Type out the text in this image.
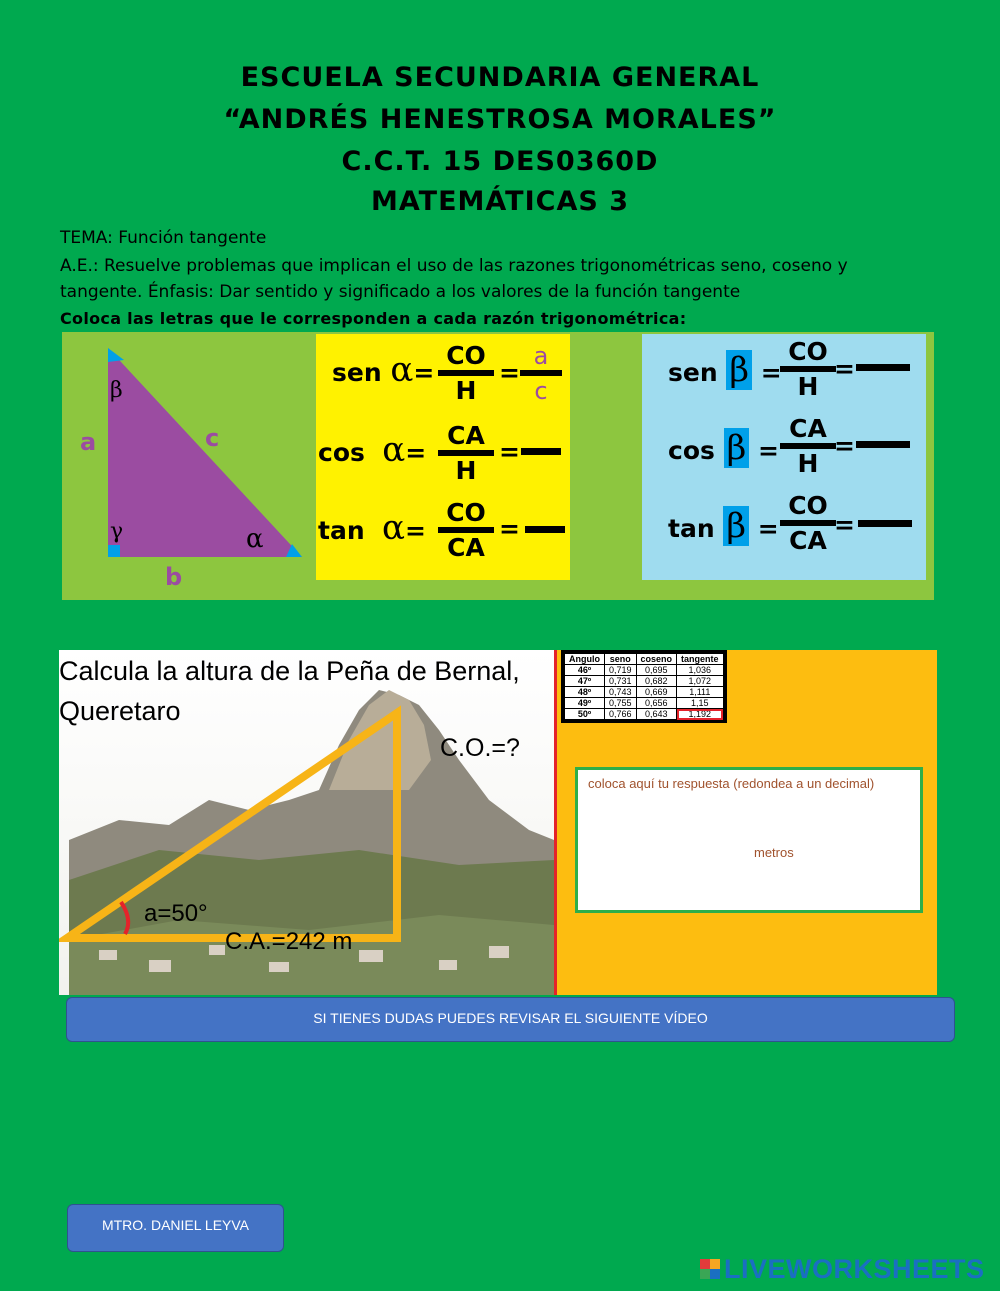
ESCUELA SECUNDARIA GENERAL
“ANDRÉS HENESTROSA MORALES”
C.C.T. 15 DES0360D
MATEMÁTICAS 3
TEMA: Función tangente
A.E.: Resuelve problemas que implican el uso de las razones trigonométricas seno, coseno y
tangente. Énfasis: Dar sentido y significado a los valores de la función tangente
Coloca las letras que le corresponden a cada razón trigonométrica:
a
b
c
β
γ	α
sen $\alpha= \frac{CO}{H} = \frac{a}{c}$
$\cos \alpha= \frac{CA}{H}$ =
$\tan \alpha= \frac{CO}{CA}$ =
sen β =
$\frac{CO}{H}$
=
$\cos \beta = \frac{CA}{H}$
=
$\tan \beta = \frac{CO}{CA}$
=
Calcula la altura de la Peña de Bernal,
Queretaro
C.O.=?
a=50°
C.A.=242 m
Angulo	seno	coseno	tangente
46º	0,719	0,695	1,036
47º	0,731	0,682	1,072
48º	0,743	0,669	1,111
49º	0,755	0,656	1,15
50º	0,766	0,643	1,192
coloca aquí tu respuesta (redondea a un decimal)
metros
SI TIENES DUDAS PUEDES REVISAR EL SIGUIENTE VÍDEO
MTRO. DANIEL LEYVA
LIVEWORKSHEETS
